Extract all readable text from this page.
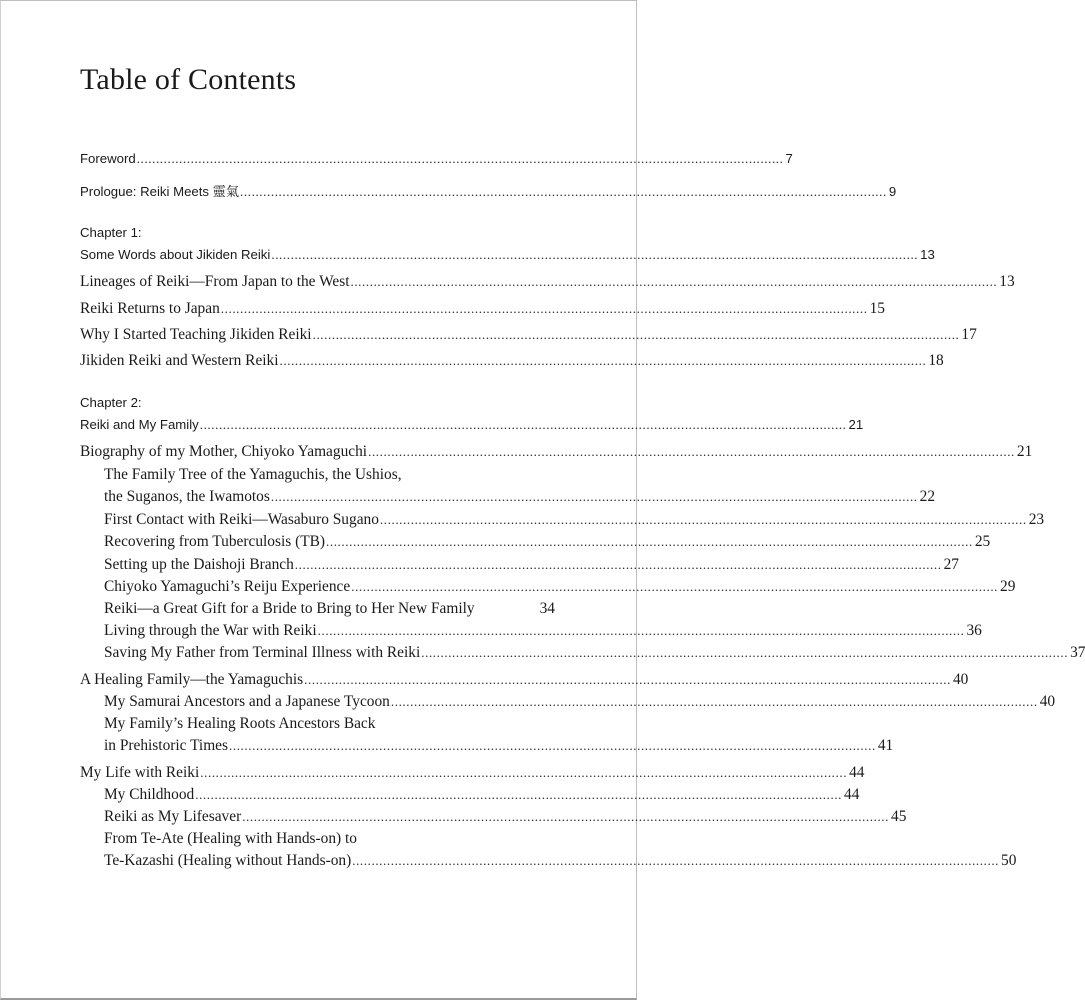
Table of Contents
Foreword ........................................................................................................................................................................ 7
Prologue: Reiki Meets 靈氣 ........................................................................................................................................................................ 9
Chapter 1:
Some Words about Jikiden Reiki ........................................................................................................................................................................ 13
Lineages of Reiki—From Japan to the West ........................................................................................................................................................................ 13
Reiki Returns to Japan ........................................................................................................................................................................ 15
Why I Started Teaching Jikiden Reiki ........................................................................................................................................................................ 17
Jikiden Reiki and Western Reiki ........................................................................................................................................................................ 18
Chapter 2:
Reiki and My Family ........................................................................................................................................................................ 21
Biography of my Mother, Chiyoko Yamaguchi ........................................................................................................................................................................ 21
The Family Tree of the Yamaguchis, the Ushios,
the Suganos, the Iwamotos ........................................................................................................................................................................ 22
First Contact with Reiki—Wasaburo Sugano ........................................................................................................................................................................ 23
Recovering from Tuberculosis (TB) ........................................................................................................................................................................ 25
Setting up the Daishoji Branch ........................................................................................................................................................................ 27
Chiyoko Yamaguchi’s Reiju Experience ........................................................................................................................................................................ 29
Reiki—a Great Gift for a Bride to Bring to Her New Family	34
Living through the War with Reiki ........................................................................................................................................................................ 36
Saving My Father from Terminal Illness with Reiki ........................................................................................................................................................................ 37
A Healing Family—the Yamaguchis ........................................................................................................................................................................ 40
My Samurai Ancestors and a Japanese Tycoon ........................................................................................................................................................................ 40
My Family’s Healing Roots Ancestors Back
in Prehistoric Times ........................................................................................................................................................................ 41
My Life with Reiki ........................................................................................................................................................................ 44
My Childhood ........................................................................................................................................................................ 44
Reiki as My Lifesaver ........................................................................................................................................................................ 45
From Te-Ate (Healing with Hands-on) to
Te-Kazashi (Healing without Hands-on) ........................................................................................................................................................................ 50
